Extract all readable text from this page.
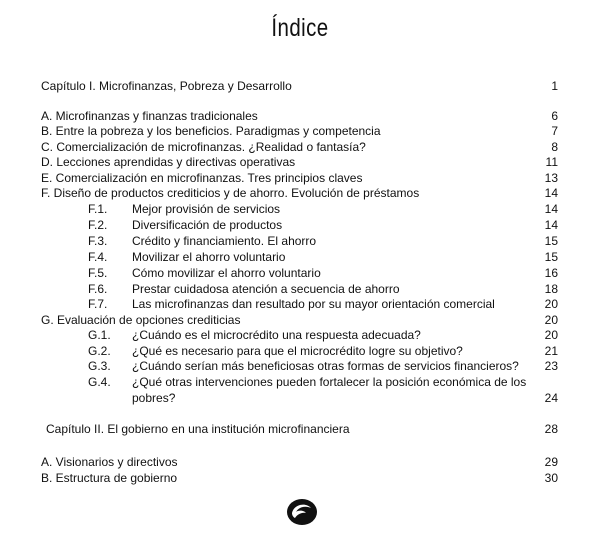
Índice
Capítulo I. Microfinanzas, Pobreza y Desarrollo	1
A. Microfinanzas y finanzas tradicionales	6
B. Entre la pobreza y los beneficios. Paradigmas y competencia	7
C. Comercialización de microfinanzas. ¿Realidad o fantasía?	8
D. Lecciones aprendidas y directivas operativas	11
E. Comercialización en microfinanzas. Tres principios claves	13
F. Diseño de productos crediticios y de ahorro. Evolución de préstamos	14
F.1. Mejor provisión de servicios	14
F.2. Diversificación de productos	14
F.3. Crédito y financiamiento. El ahorro	15
F.4. Movilizar el ahorro voluntario	15
F.5. Cómo movilizar el ahorro voluntario	16
F.6. Prestar cuidadosa atención a secuencia de ahorro	18
F.7. Las microfinanzas dan resultado por su mayor orientación comercial	20
G. Evaluación de opciones crediticias	20
G.1. ¿Cuándo es el microcrédito una respuesta adecuada?	20
G.2. ¿Qué es necesario para que el microcrédito logre su objetivo?	21
G.3. ¿Cuándo serían más beneficiosas otras formas de servicios financieros? 23
G.4. ¿Qué otras intervenciones pueden fortalecer la posición económica de los
pobres?	24
Capítulo II. El gobierno en una institución microfinanciera	28
A. Visionarios y directivos	29
B. Estructura de gobierno	30
